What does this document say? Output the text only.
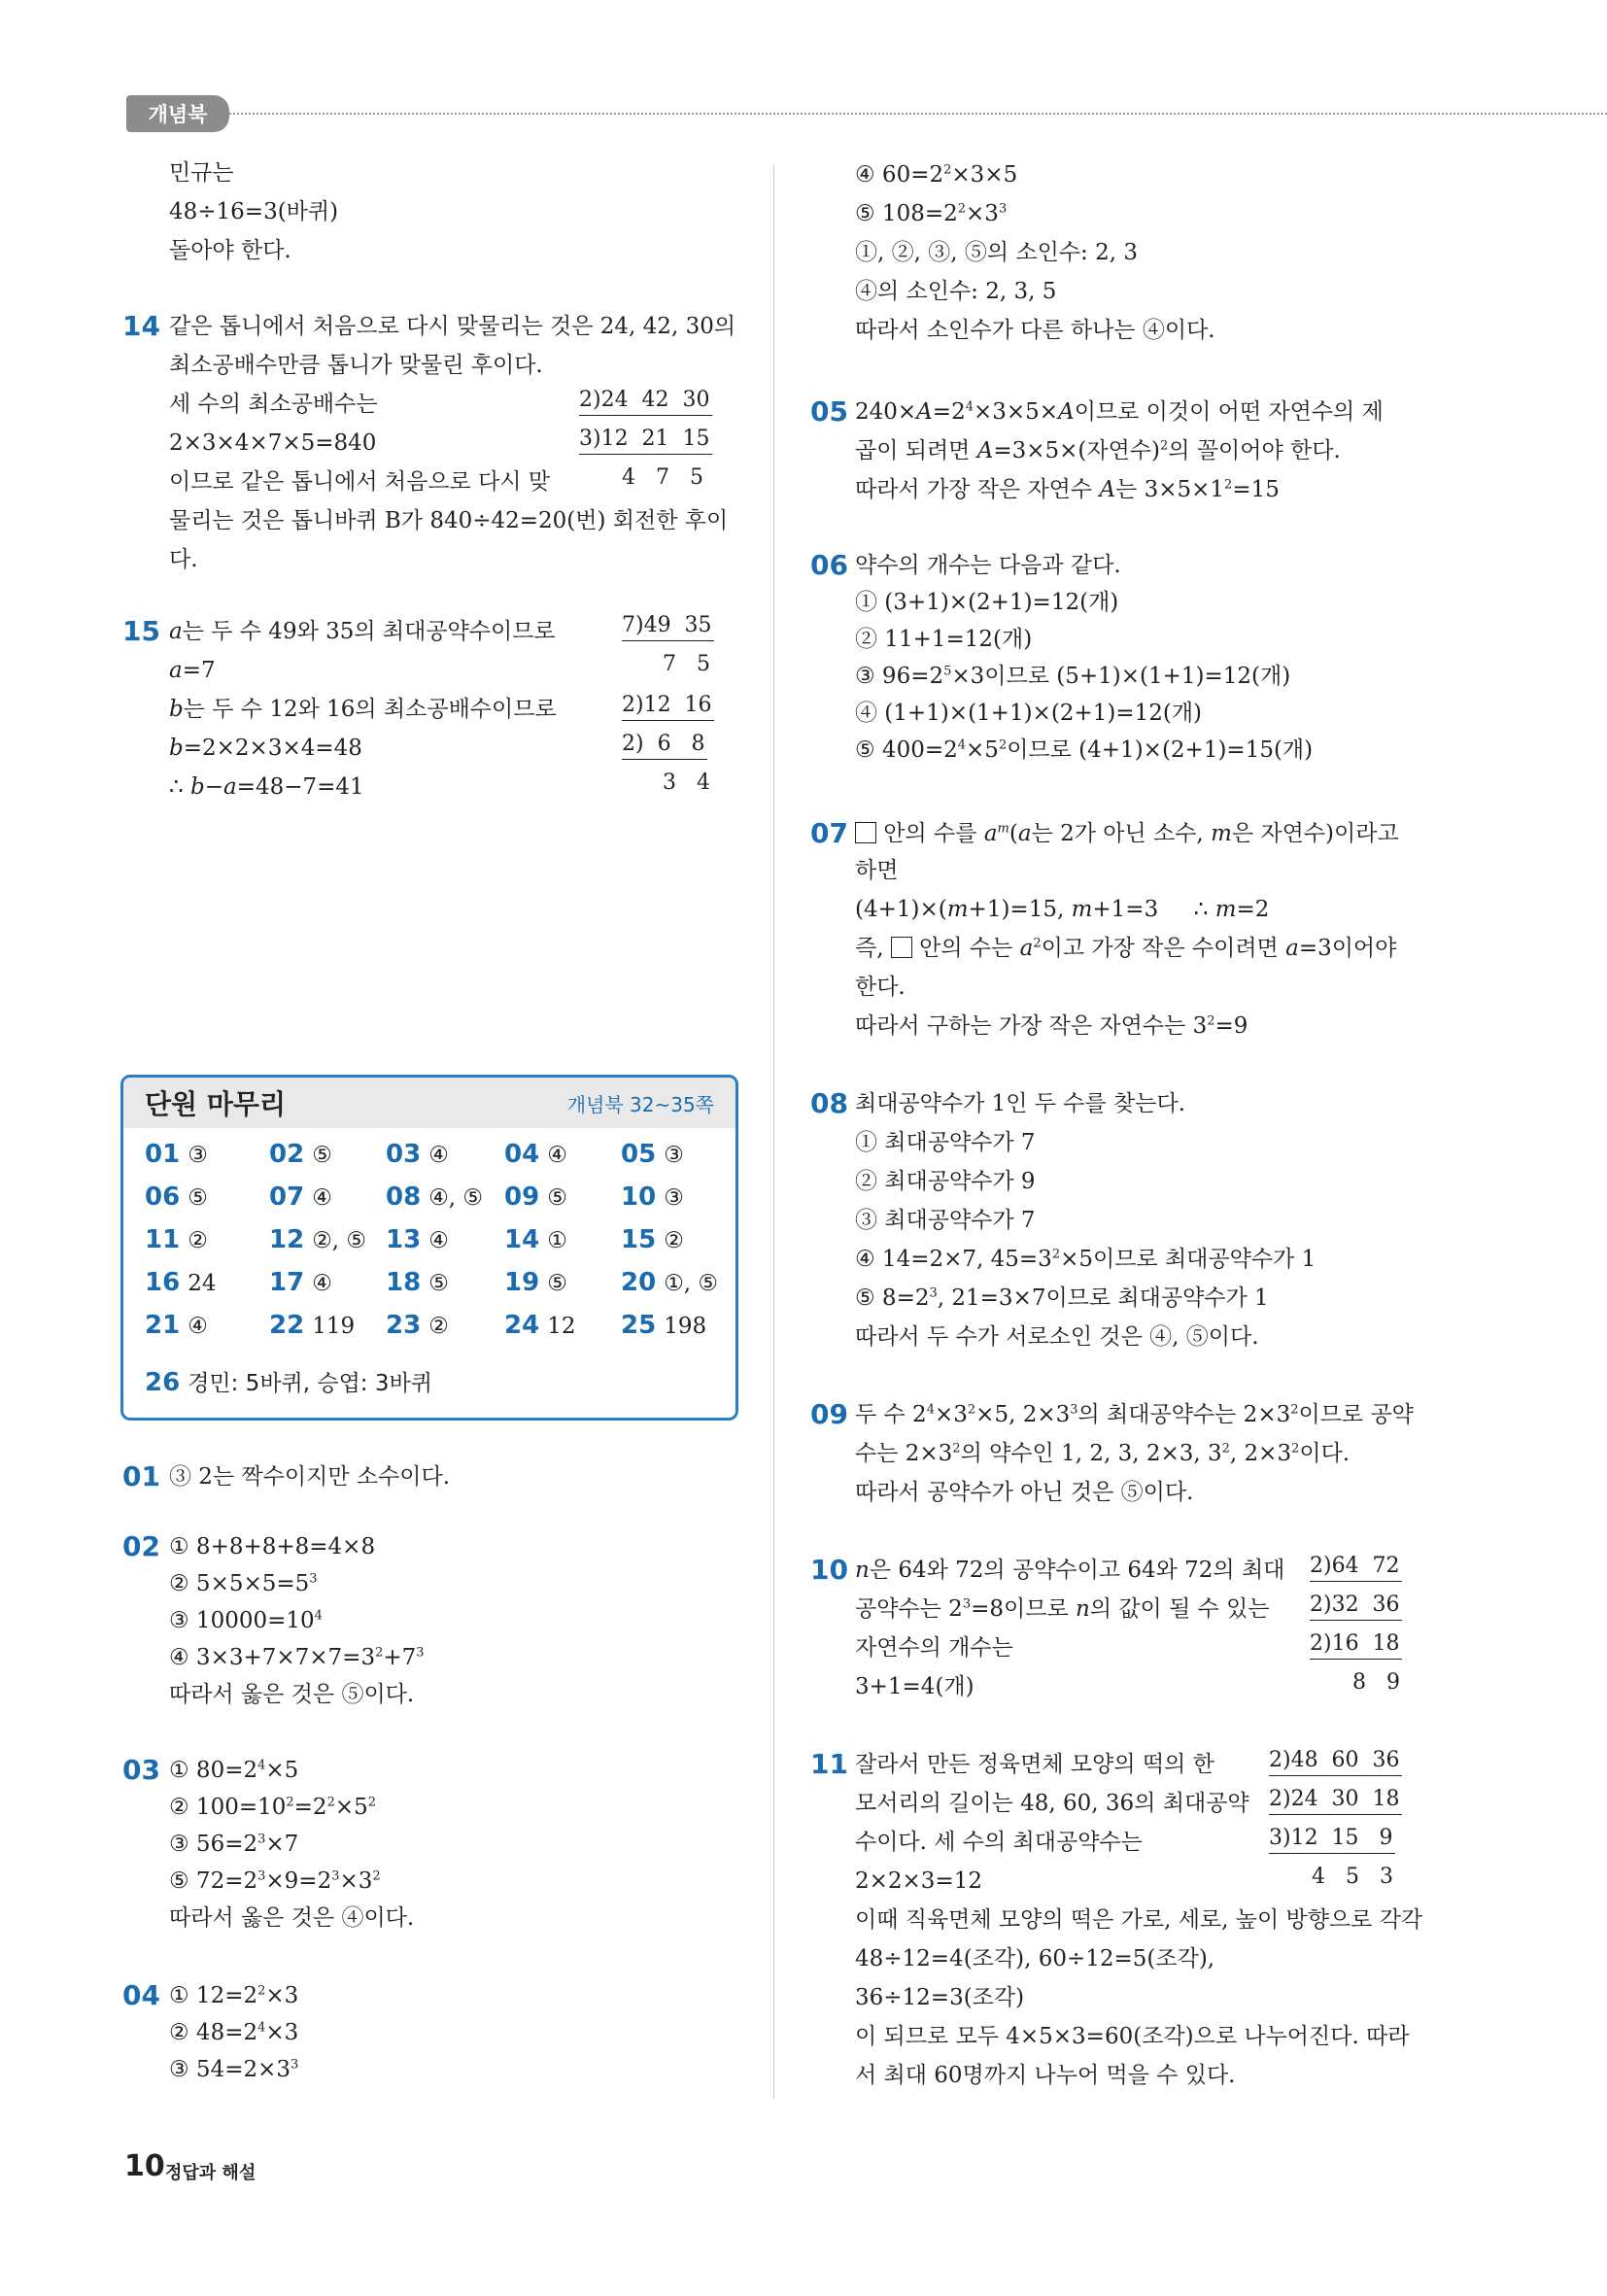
개념북
민규는
48÷16=3(바퀴)
돌아야 한다.
14 같은 톱니에서 처음으로 다시 맞물리는 것은 24, 42, 30의
최소공배수만큼 톱니가 맞물린 후이다.
세 수의 최소공배수는
2×3×4×7×5=840
이므로 같은 톱니에서 처음으로 다시 맞
물리는 것은 톱니바퀴 B가 840÷42=20(번) 회전한 후이
다.
2)24  42  30
3)12  21  15
4   7   5
15 a는 두 수 49와 35의 최대공약수이므로
a=7
b는 두 수 12와 16의 최소공배수이므로
b=2×2×3×4=48
∴ b−a=48−7=41
7)49  35
7   5
2)12  16
2)  6   8
3   4
단원 마무리	개념북 32~35쪽
01 ③ 02 ⑤ 03 ④ 04 ④ 05 ③
06 ⑤ 07 ④ 08 ④, ⑤ 09 ⑤ 10 ③
11 ② 12 ②, ⑤ 13 ④ 14 ① 15 ②
16 24 17 ④ 18 ⑤ 19 ⑤ 20 ①, ⑤
21 ④ 22 119 23 ② 24 12 25 198
26 경민: 5바퀴, 승엽: 3바퀴
01 ③ 2는 짝수이지만 소수이다.
02 ① 8+8+8+8=4×8
② $5\times 5\times 5=5^3$
③ $10000=10^4$
④ $3\times 3+7\times 7\times 7=3^2+7^3$
따라서 옳은 것은 ⑤이다.
03 ① $80=2^4\times 5$
② $100=10^2=2^2\times 5^2$
③ $56=2^3\times 7$
⑤ $72=2^3\times 9=2^3\times 3^2$
따라서 옳은 것은 ④이다.
04 ① $12=2^2\times 3$
② $48=2^4\times 3$
③ $54=2\times 3^3$
④ $60=2^2\times 3\times 5$
⑤ $108=2^2\times 3^3$
①, ②, ③, ⑤의 소인수: 2, 3
④의 소인수: 2, 3, 5
따라서 소인수가 다른 하나는 ④이다.
05 $240\times A=2^4\times 3\times 5\times A$이므로 이것이 어떤 자연수의 제
곱이 되려면 A=3×5×(자연수)$^2$의 꼴이어야 한다.
따라서 가장 작은 자연수 A는 $3\times 5\times 1^2=15$
06 약수의 개수는 다음과 같다.
① (3+1)×(2+1)=12(개)
② 11+1=12(개)
③ $96=2^5\times 3$이므로 (5+1)×(1+1)=12(개)
④ (1+1)×(1+1)×(2+1)=12(개)
⑤ $400=2^4\times 5^2$이므로 (4+1)×(2+1)=15(개)
07	안의 수를 $a^m(a$는 2가 아닌 소수, m은 자연수)이라고
하면
(4+1)×(m+1)=15, m+1=3     ∴ m=2
즉,  안의 수는 $a^2$이고 가장 작은 수이려면 a=3이어야
한다.
따라서 구하는 가장 작은 자연수는 $3^2=9$
08 최대공약수가 1인 두 수를 찾는다.
① 최대공약수가 7
② 최대공약수가 9
③ 최대공약수가 7
④ 14=2×7, $45=3^2\times 5$이므로 최대공약수가 1
⑤ $8=2^3$, 21=3×7이므로 최대공약수가 1
따라서 두 수가 서로소인 것은 ④, ⑤이다.
09 두 수 $2^4\times 3^2\times 5$, $2\times 3^3$의 최대공약수는 $2\times 3^2$이므로 공약
수는 $2\times 3^2$의 약수인 1, 2, 3, 2×3, $3^2$, $2\times 3^2$이다.
따라서 공약수가 아닌 것은 ⑤이다.
10 n은 64와 72의 공약수이고 64와 72의 최대
공약수는 $2^3=8$이므로 n의 값이 될 수 있는
자연수의 개수는
3+1=4(개)
2)64  72
2)32  36
2)16  18
8   9
11 잘라서 만든 정육면체 모양의 떡의 한
모서리의 길이는 48, 60, 36의 최대공약
수이다. 세 수의 최대공약수는
2×2×3=12
이때 직육면체 모양의 떡은 가로, 세로, 높이 방향으로 각각
48÷12=4(조각), 60÷12=5(조각),
36÷12=3(조각)
이 되므로 모두 4×5×3=60(조각)으로 나누어진다. 따라
서 최대 60명까지 나누어 먹을 수 있다.
2)48  60  36
2)24  30  18
3)12  15   9
4   5   3
10 정답과 해설
